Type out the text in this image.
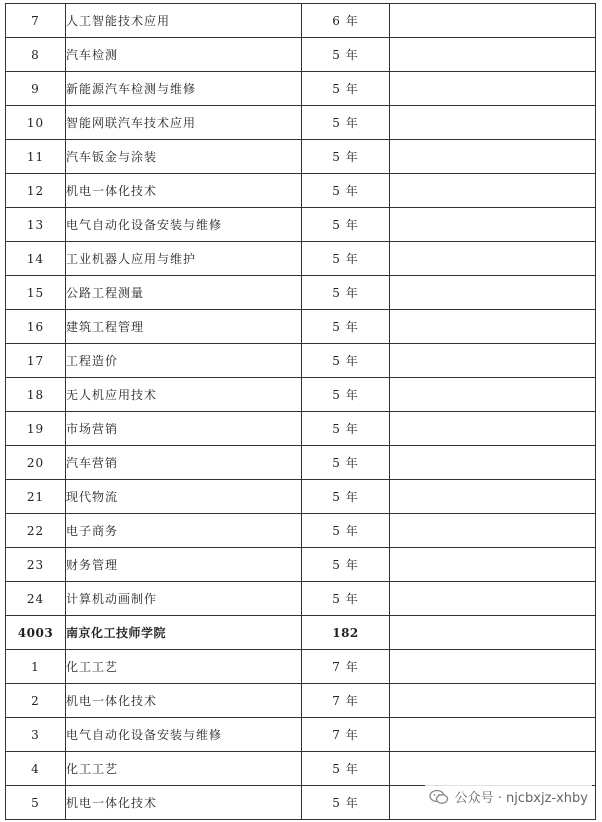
7	人工智能技术应用	6 年	
8	汽车检测	5 年	
9	新能源汽车检测与维修	5 年	
10	智能网联汽车技术应用	5 年	
11	汽车钣金与涂装	5 年	
12	机电一体化技术	5 年	
13	电气自动化设备安装与维修	5 年	
14	工业机器人应用与维护	5 年	
15	公路工程测量	5 年	
16	建筑工程管理	5 年	
17	工程造价	5 年	
18	无人机应用技术	5 年	
19	市场营销	5 年	
20	汽车营销	5 年	
21	现代物流	5 年	
22	电子商务	5 年	
23	财务管理	5 年	
24	计算机动画制作	5 年	
4003	南京化工技师学院	182	
1	化工工艺	7 年	
2	机电一体化技术	7 年	
3	电气自动化设备安装与维修	7 年	
4	化工工艺	5 年	
5	机电一体化技术	5 年		公众号 · njcbxjz-xhby
